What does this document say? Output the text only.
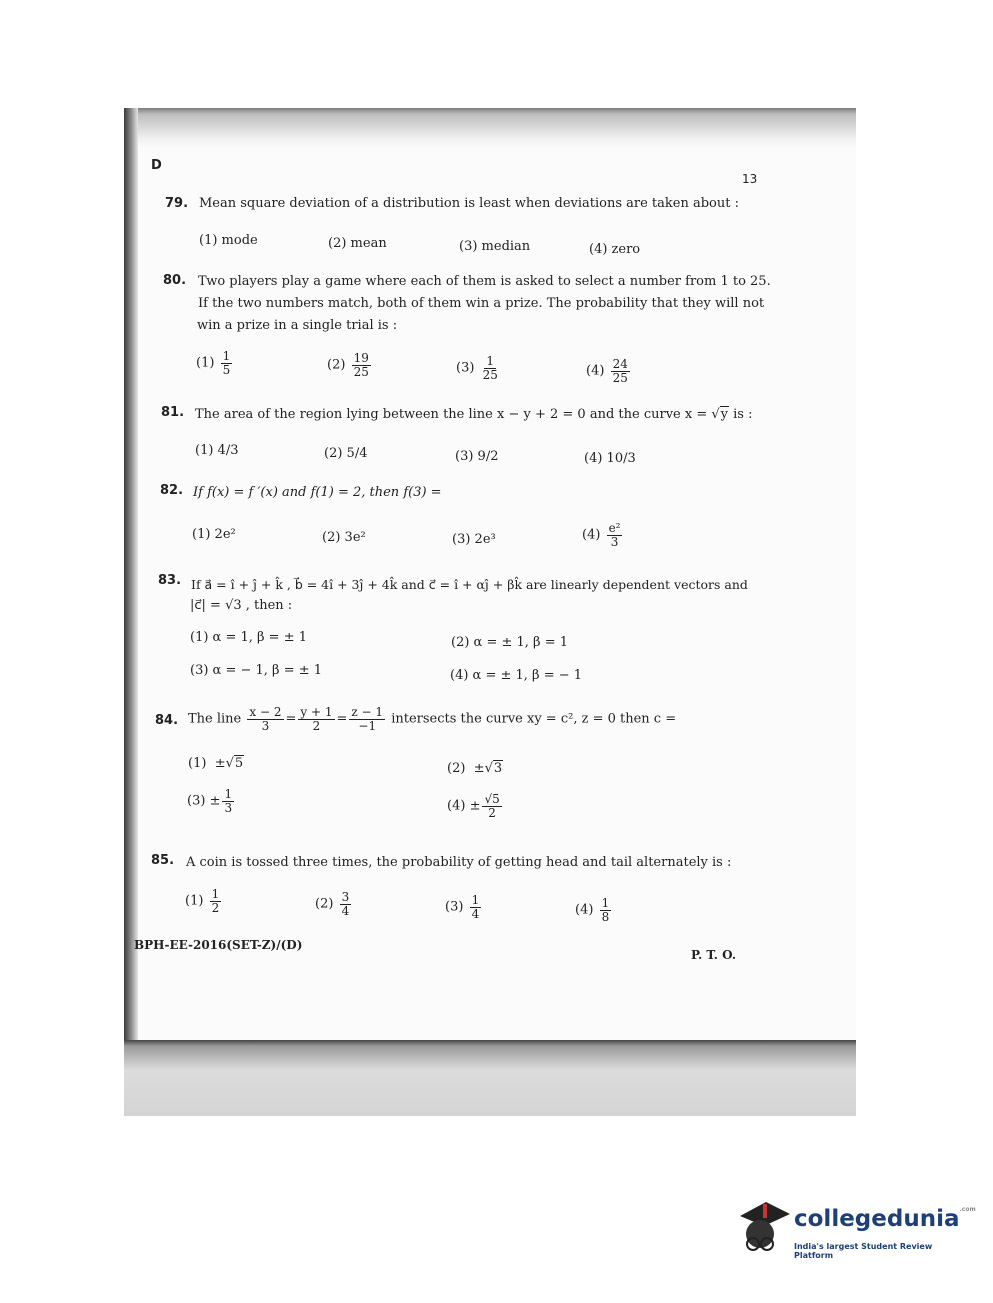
D
13
79. Mean square deviation of a distribution is least when deviations are taken about :
(1) mode	(2) mean	(3) median	(4) zero
80. Two players play a game where each of them is asked to select a number from 1 to 25.
If the two numbers match, both of them win a prize. The probability that they will not
win a prize in a single trial is :
$(1) \frac{1}{5}$	$(2) \frac{19}{25}$	$(3) \frac{1}{25}$	$(4) \frac{24}{25}$
81. The area of the region lying between the line x − y + 2 = 0 and the curve x = √y is :
(1) 4/3	(2) 5/4	(3) 9/2	(4) 10/3
82. If f(x) = f ′(x) and f(1) = 2, then f(3) =
(1) 2e²	(2) 3e²	(3) 2e³	$(4) \frac{\text{e²}}{3}$
83. If a⃗ = î + ĵ + k̂ , b⃗ = 4î + 3ĵ + 4k̂ and c⃗ = î + αĵ + βk̂ are linearly dependent vectors and
|c⃗| = √3 , then :
(1) α = 1, β = ± 1	(2) α = ± 1, β = 1
(3) α = − 1, β = ± 1	(4) α = ± 1, β = − 1
84. The line $\frac{x - 2}{3} = \frac{y + 1}{2} = \frac{z - 1}{-1}$ intersects the curve xy = c², z = 0 then c =
(1) ±√5	(2) ±√3
$(3) \pm \frac{1}{3}$	$(4) \pm \frac{√5}{2}$
85. A coin is tossed three times, the probability of getting head and tail alternately is :
$(1) \frac{1}{2}$	$(2) \frac{3}{4}$	$(3) \frac{1}{4}$	$(4) \frac{1}{8}$
BPH-EE-2016(SET-Z)/(D)
P. T. O.
collegedunia$^{.com}$
India's largest Student Review Platform
